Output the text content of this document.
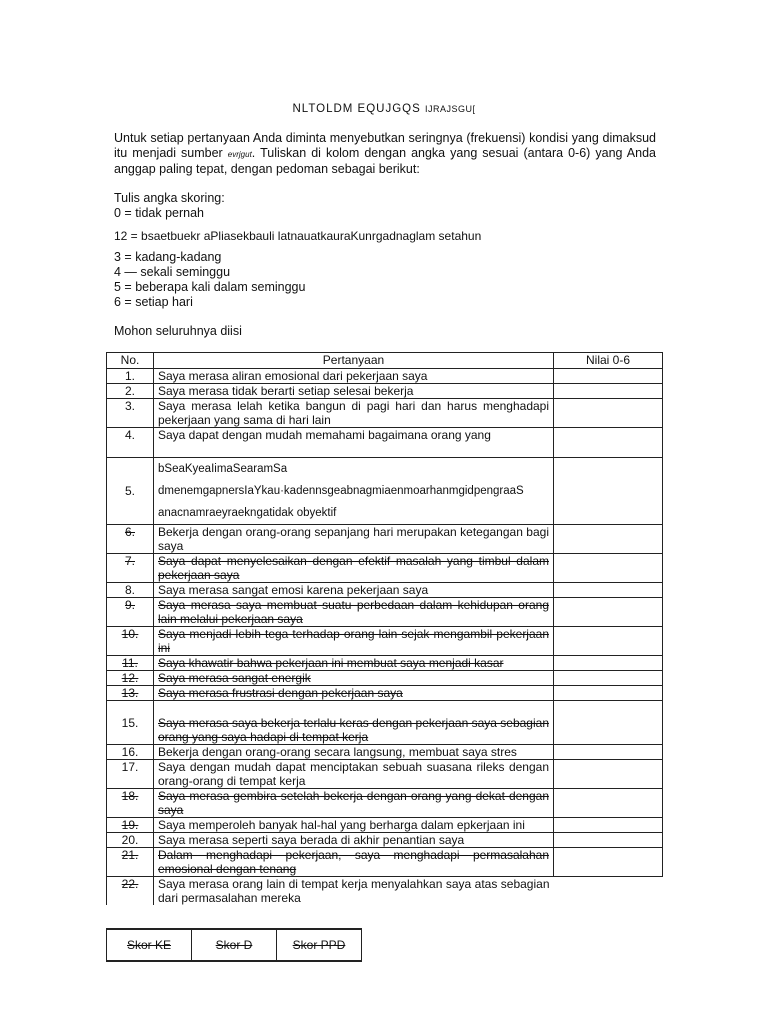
NLTOLDM EQUJGQS IJRAJSGU[
Untuk setiap pertanyaan Anda diminta menyebutkan seringnya (frekuensi) kondisi yang dimaksud itu menjadi sumber evrjgut. Tuliskan di kolom dengan angka yang sesuai (antara 0-6) yang Anda anggap paling tepat, dengan pedoman sebagai berikut:
Tulis angka skoring:
0 = tidak pernah
12 = bsaetbuekr aPliasekbauli latnauatkauraKunrgadnaglam setahun
3 = kadang-kadang
4 — sekali seminggu
5 = beberapa kali dalam seminggu
6 = setiap hari
Mohon seluruhnya diisi
No.	Pertanyaan	Nilai 0-6
1.	Saya merasa aliran emosional dari pekerjaan saya	
2.	Saya merasa tidak berarti setiap selesai bekerja	
3.	Saya merasa lelah ketika bangun di pagi hari dan harus menghadapi pekerjaan yang sama di hari lain	
4.	Saya dapat dengan mudah memahami bagaimana orang yang	
5.	bSeaKyeaIimaSearamSa
dmenemgapnersIaYkau·kadennsgeabnagmiaenmoarhanmgidpengraaS
anacnamraeyraekngatidak obyektif	

6.	Bekerja dengan orang-orang sepanjang hari merupakan ketegangan bagi saya	
7.	Saya dapat menyelesaikan dengan efektif masalah yang timbul dalam pekerjaan saya	
8.	Saya merasa sangat emosi karena pekerjaan saya	
9.	Saya merasa saya membuat suatu perbedaan dalam kehidupan orang lain melalui pekerjaan saya	
10.	Saya menjadi lebih tega terhadap orang lain sejak mengambil pekerjaan ini	
11.	Saya khawatir bahwa pekerjaan ini membuat saya menjadi kasar	
12.	Saya merasa sangat energik	
13.	Saya merasa frustrasi dengan pekerjaan saya	
15.	Saya merasa saya bekerja terlalu keras dengan pekerjaan saya sebagian orang yang saya hadapi di tempat kerja	
16.	Bekerja dengan orang-orang secara langsung, membuat saya stres	
17.	Saya dengan mudah dapat menciptakan sebuah suasana rileks dengan orang-orang di tempat kerja	
18.	Saya merasa gembira setelah bekerja dengan orang yang dekat dengan saya	
19.	Saya memperoleh banyak hal-hal yang berharga dalam epkerjaan ini	
20.	Saya merasa seperti saya berada di akhir penantian saya	
21.	Dalam menghadapi pekerjaan, saya menghadapi permasalahan emosional dengan tenang	
22.	Saya merasa orang lain di tempat kerja menyalahkan saya atas sebagian dari permasalahan mereka	
Skor KE	Skor D	Skor PPD
